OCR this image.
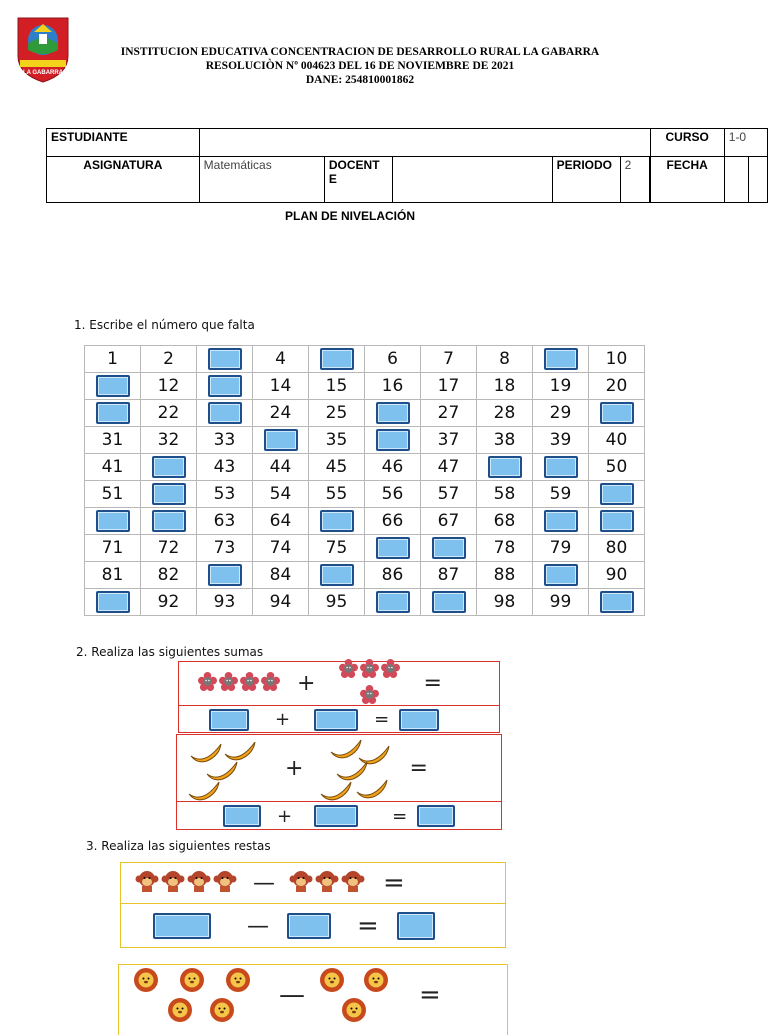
LA GABARRA
INSTITUCION EDUCATIVA CONCENTRACION DE DESARROLLO RURAL LA GABARRA
RESOLUCIÒN Nº 004623 DEL 16 DE NOVIEMBRE DE 2021
DANE: 254810001862
ESTUDIANTE						CURSO	1-0	
ASIGNATURA	Matemáticas	DOCENT
E		PERIODO	2		FECHA		
PLAN DE NIVELACIÓN
1. Escribe el número que falta
1	2		4		6	7	8		10
	12		14	15	16	17	18	19	20
	22		24	25		27	28	29	
31	32	33		35		37	38	39	40
41		43	44	45	46	47			50
51		53	54	55	56	57	58	59	
		63	64		66	67	68		
71	72	73	74	75			78	79	80
81	82		84		86	87	88		90
	92	93	94	95			98	99	
2. Realiza las siguientes sumas
+	=
+	=
+	=
+	=
3. Realiza las siguientes restas
—	=
—	=
—	=
